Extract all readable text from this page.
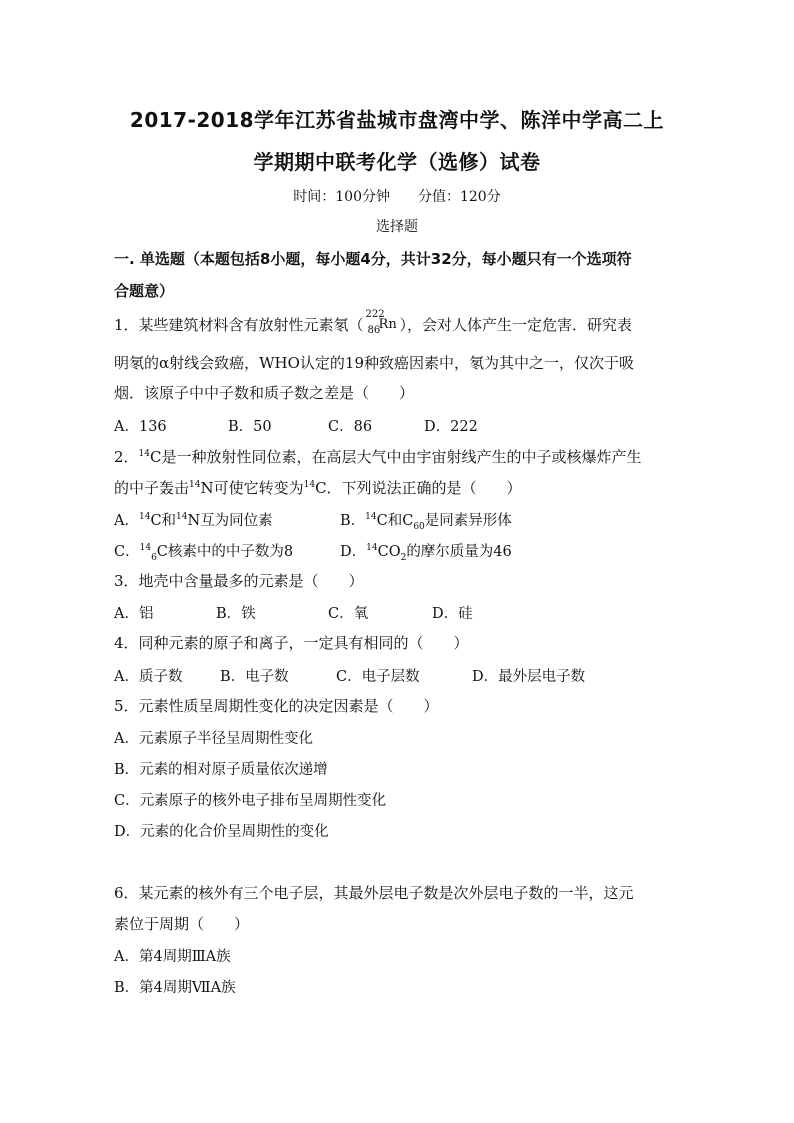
2017-2018学年江苏省盐城市盘湾中学、陈洋中学高二上
学期期中联考化学（选修）试卷
时间：100分钟　　分值：120分
选择题
一. 单选题（本题包括8小题，每小题4分，共计32分，每小题只有一个选项符
合题意）
1．某些建筑材料含有放射性元素氡（
222
86
Rn ），会对人体产生一定危害．研究表
明氡的α射线会致癌，WHO认定的19种致癌因素中，氡为其中之一，仅次于吸
烟．该原子中中子数和质子数之差是（　　）
A．136	B．50	C．86	D．222
2．$^{14}$C是一种放射性同位素，在高层大气中由宇宙射线产生的中子或核爆炸产生
的中子轰击$^{14}$N可使它转变为$^{14}$C．下列说法正确的是（　　）
A．$^{14}$C和$^{14}$N互为同位素	B．$^{14}$C和$C_{60}$是同素异形体
C．$^{14}_6$C核素中的中子数为8	D．$^{14}CO_2$的摩尔质量为46
3．地壳中含量最多的元素是（　　）
A．铝	B．铁	C．氧	D．硅
4．同种元素的原子和离子，一定具有相同的（　　）
A．质子数	B．电子数	C．电子层数	D．最外层电子数
5．元素性质呈周期性变化的决定因素是（　　）
A．元素原子半径呈周期性变化
B．元素的相对原子质量依次递增
C．元素原子的核外电子排布呈周期性变化
D．元素的化合价呈周期性的变化
6．某元素的核外有三个电子层，其最外层电子数是次外层电子数的一半，这元
素位于周期（　　）
A．第4周期ⅢA族
B．第4周期ⅦA族
